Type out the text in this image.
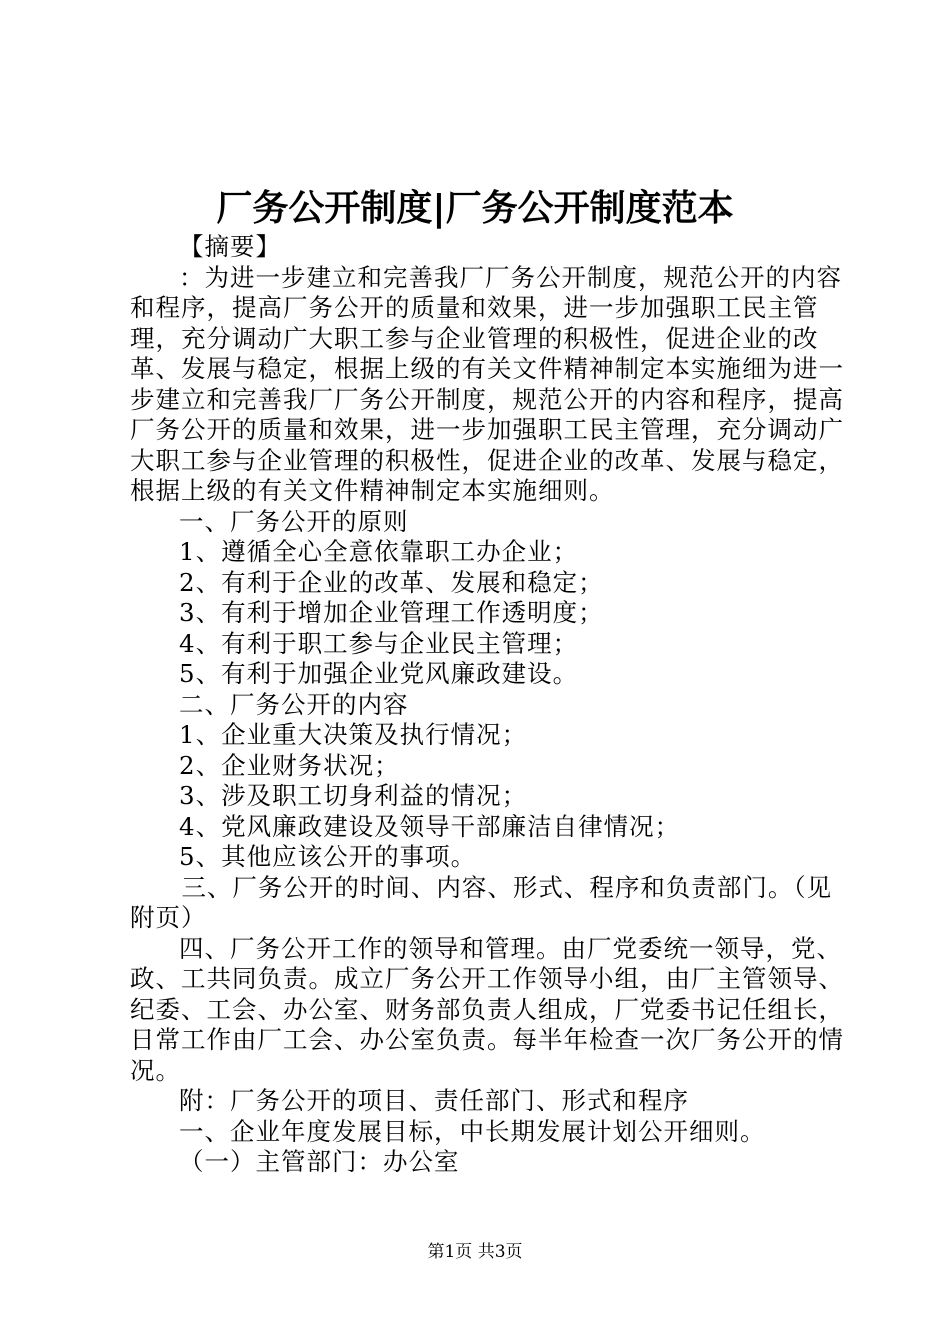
厂务公开制度|厂务公开制度范本

【摘要】

：为进一步建立和完善我厂厂务公开制度，规范公开的内容和程序，提高厂务公开的质量和效果，进一步加强职工民主管理，充分调动广大职工参与企业管理的积极性，促进企业的改革、发展与稳定，根据上级的有关文件精神制定本实施细为进一步建立和完善我厂厂务公开制度，规范公开的内容和程序，提高厂务公开的质量和效果，进一步加强职工民主管理，充分调动广大职工参与企业管理的积极性，促进企业的改革、发展与稳定，根据上级的有关文件精神制定本实施细则。

一、厂务公开的原则

1、遵循全心全意依靠职工办企业；

2、有利于企业的改革、发展和稳定；

3、有利于增加企业管理工作透明度；

4、有利于职工参与企业民主管理；

5、有利于加强企业党风廉政建设。

二、厂务公开的内容

1、企业重大决策及执行情况；

2、企业财务状况；

3、涉及职工切身利益的情况；

4、党风廉政建设及领导干部廉洁自律情况；

5、其他应该公开的事项。

三、厂务公开的时间、内容、形式、程序和负责部门。（见附页）

四、厂务公开工作的领导和管理。由厂党委统一领导，党、政、工共同负责。成立厂务公开工作领导小组，由厂主管领导、纪委、工会、办公室、财务部负责人组成，厂党委书记任组长，日常工作由厂工会、办公室负责。每半年检查一次厂务公开的情况。

附：厂务公开的项目、责任部门、形式和程序

一、企业年度发展目标，中长期发展计划公开细则。

（一）主管部门：办公室

第1页 共3页
